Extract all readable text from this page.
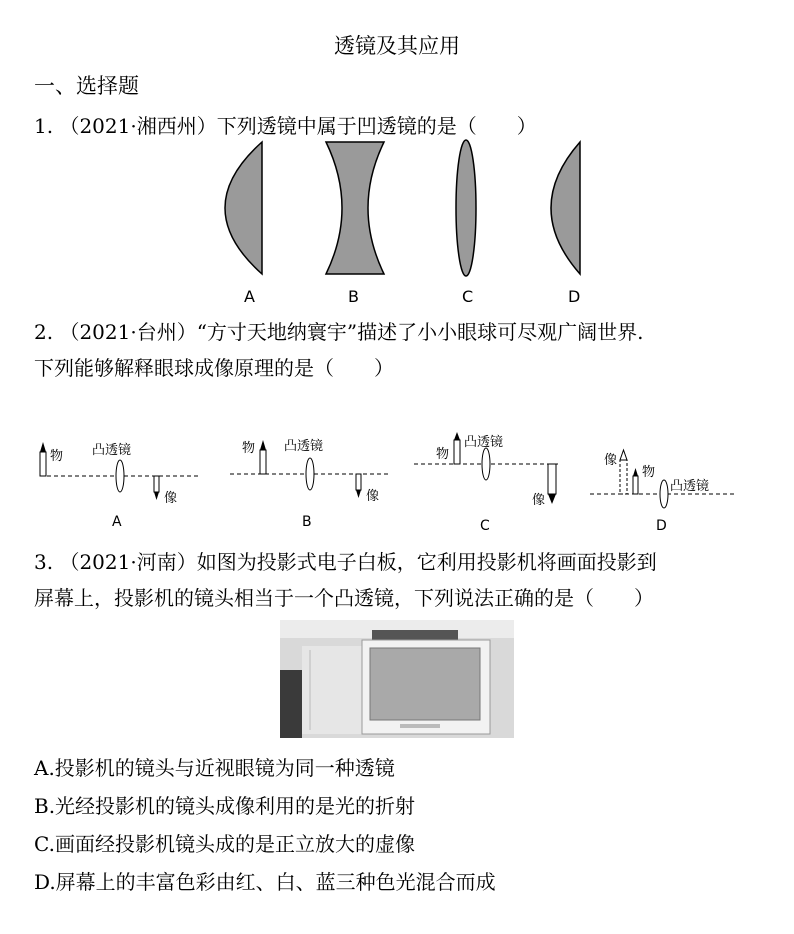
透镜及其应用
一、选择题
1. （2021·湘西州）下列透镜中属于凹透镜的是（　　）
A	B	C	D
2. （2021·台州）“方寸天地纳寰宇”描述了小小眼球可尽观广阔世界.
下列能够解释眼球成像原理的是（　　）
物 凸透镜
像
A
物 凸透镜
像
B
物
凸透镜
像
C
像
物
凸透镜
D
3. （2021·河南）如图为投影式电子白板，它利用投影机将画面投影到
屏幕上，投影机的镜头相当于一个凸透镜，下列说法正确的是（　　）
A.投影机的镜头与近视眼镜为同一种透镜
B.光经投影机的镜头成像利用的是光的折射
C.画面经投影机镜头成的是正立放大的虚像
D.屏幕上的丰富色彩由红、白、蓝三种色光混合而成
